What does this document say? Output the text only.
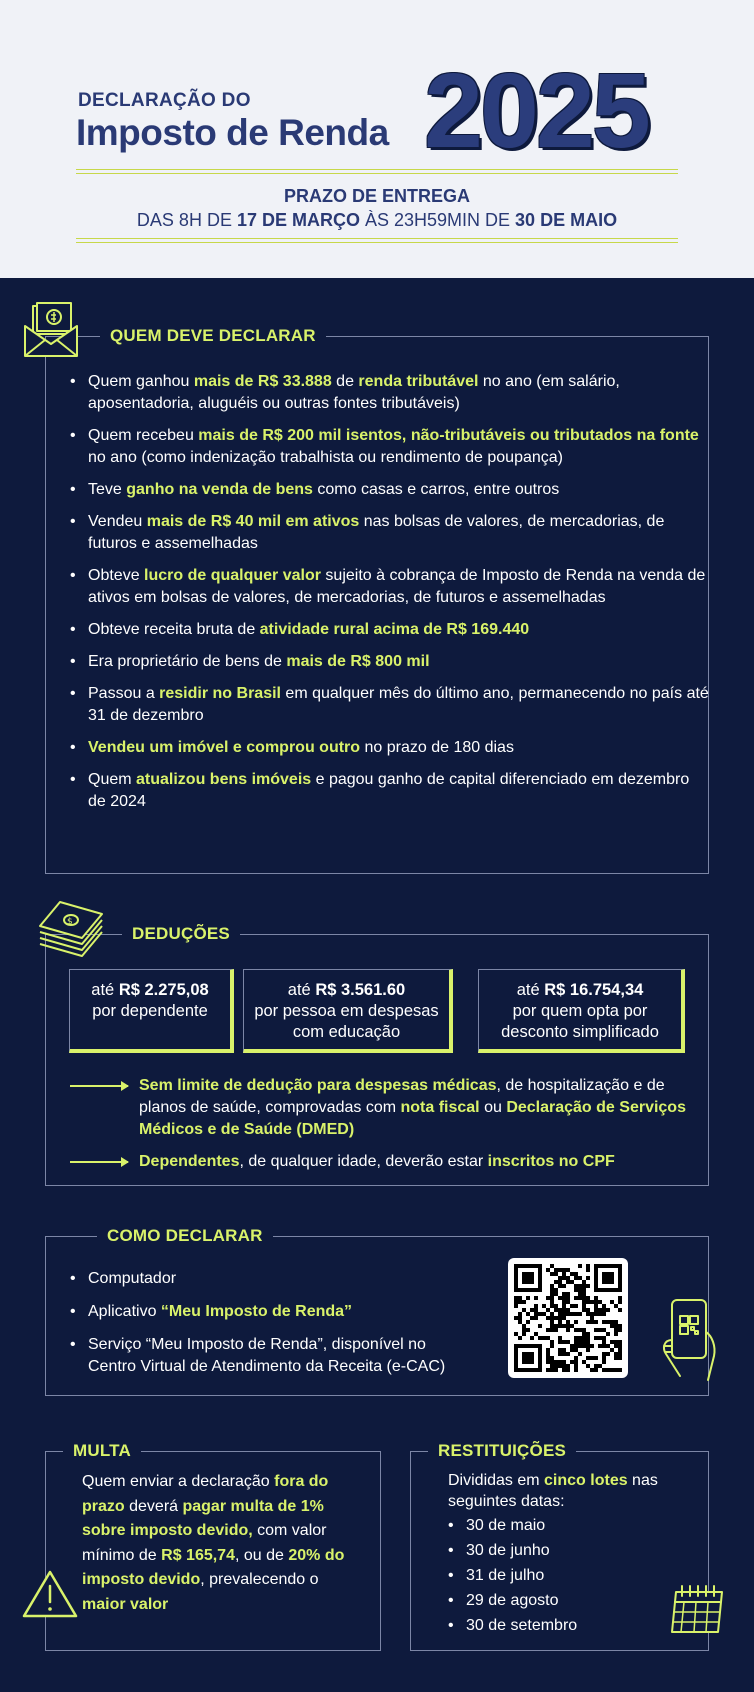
DECLARAÇÃO DO
Imposto de Renda 2025
PRAZO DE ENTREGA
DAS 8H DE 17 DE MARÇO ÀS 23H59MIN DE 30 DE MAIO
QUEM DEVE DECLARAR
• Quem ganhou mais de R$ 33.888 de renda tributável no ano (em salário, aposentadoria, aluguéis ou outras fontes tributáveis)
• Quem recebeu mais de R$ 200 mil isentos, não-tributáveis ou tributados na fonte no ano (como indenização trabalhista ou rendimento de poupança)
• Teve ganho na venda de bens como casas e carros, entre outros
• Vendeu mais de R$ 40 mil em ativos nas bolsas de valores, de mercadorias, de futuros e assemelhadas
• Obteve lucro de qualquer valor sujeito à cobrança de Imposto de Renda na venda de ativos em bolsas de valores, de mercadorias, de futuros e assemelhadas
• Obteve receita bruta de atividade rural acima de R$ 169.440
• Era proprietário de bens de mais de R$ 800 mil
• Passou a residir no Brasil em qualquer mês do último ano, permanecendo no país até 31 de dezembro
• Vendeu um imóvel e comprou outro no prazo de 180 dias
• Quem atualizou bens imóveis e pagou ganho de capital diferenciado em dezembro de 2024
$
DEDUÇÕES
até R$ 2.275,08
por dependente
até R$ 3.561.60
por pessoa em despesas com educação
até R$ 16.754,34
por quem opta por desconto simplificado
Sem limite de dedução para despesas médicas, de hospitalização e de planos de saúde, comprovadas com nota fiscal ou Declaração de Serviços Médicos e de Saúde (DMED)
Dependentes, de qualquer idade, deverão estar inscritos no CPF
COMO DECLARAR
• Computador
• Aplicativo “Meu Imposto de Renda”
• Serviço “Meu Imposto de Renda”, disponível no Centro Virtual de Atendimento da Receita (e-CAC)
MULTA
Quem enviar a declaração fora do prazo deverá pagar multa de 1% sobre imposto devido, com valor mínimo de R$ 165,74, ou de 20% do imposto devido, prevalecendo o maior valor
RESTITUIÇÕES
Divididas em cinco lotes nas seguintes datas:
• 30 de maio
• 30 de junho
• 31 de julho
• 29 de agosto
• 30 de setembro
